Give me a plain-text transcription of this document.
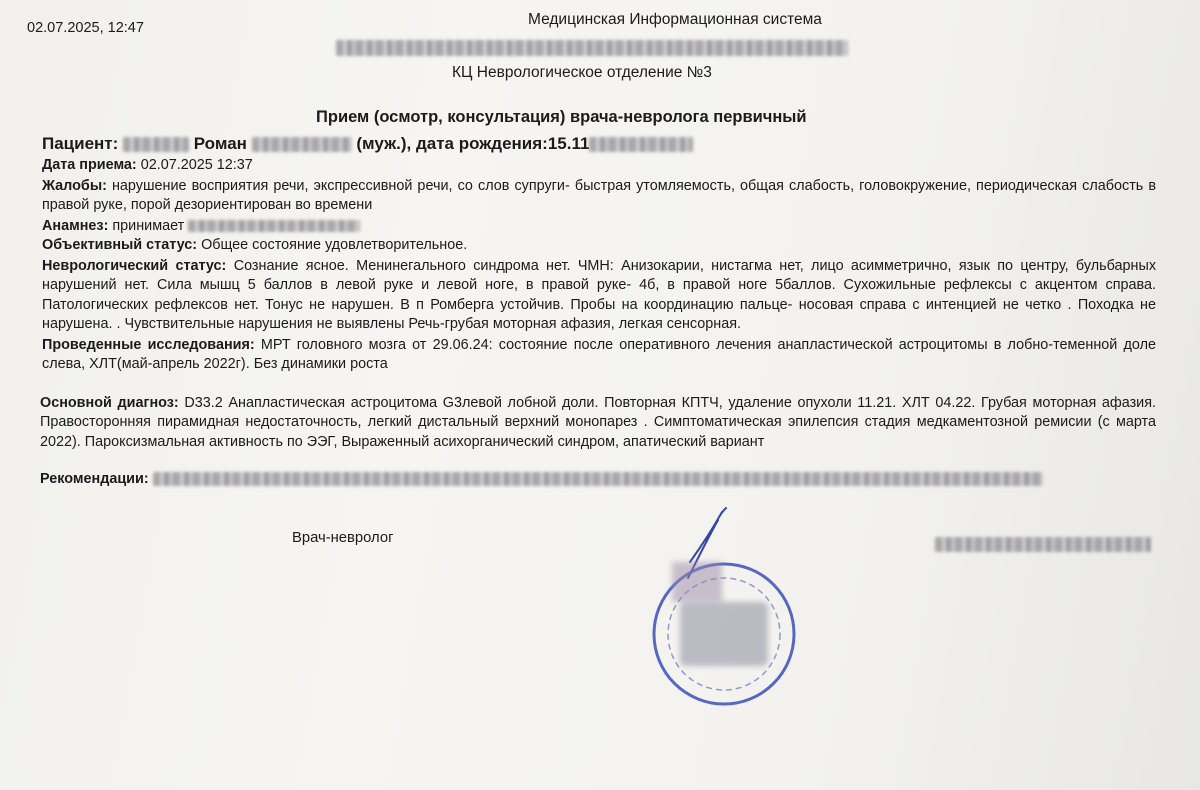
02.07.2025, 12:47	Медицинская Информационная система
КЦ Неврологическое отделение №3
Прием (осмотр, консультация) врача-невролога первичный
Пациент:	Роман	(муж.), дата рождения:15.11
Дата приема: 02.07.2025 12:37
Жалобы: нарушение восприятия речи, экспрессивной речи, со слов супруги- быстрая утомляемость, общая слабость, головокружение, периодическая слабость в правой руке, порой дезориентирован во времени
Анамнез: принимает
Объективный статус: Общее состояние удовлетворительное.
Неврологический статус: Сознание ясное. Менинегального синдрома нет. ЧМН: Анизокарии, нистагма нет, лицо асимметрично, язык по центру, бульбарных нарушений нет. Сила мышц 5 баллов в левой руке и левой ноге, в правой руке- 4б, в правой ноге 5баллов. Сухожильные рефлексы с акцентом справа. Патологических рефлексов нет. Тонус не нарушен. В п Ромберга устойчив. Пробы на координацию пальце- носовая справа с интенцией не четко . Походка не нарушена. . Чувствительные нарушения не выявлены Речь-грубая моторная афазия, легкая сенсорная.
Проведенные исследования: МРТ головного мозга от 29.06.24: состояние после оперативного лечения анапластической астроцитомы в лобно-теменной доле слева, ХЛТ(май-апрель 2022г). Без динамики роста
Основной диагноз: D33.2 Анапластическая астроцитома G3левой лобной доли. Повторная КПТЧ, удаление опухоли 11.21. ХЛТ 04.22. Грубая моторная афазия. Правосторонняя пирамидная недостаточность, легкий дистальный верхний монопарез . Симптоматическая эпилепсия стадия медкаментозной ремисии (с марта 2022). Пароксизмальная активность по ЭЭГ, Выраженный асихорганический синдром, апатический вариант
Рекомендации:
Врач-невролог
